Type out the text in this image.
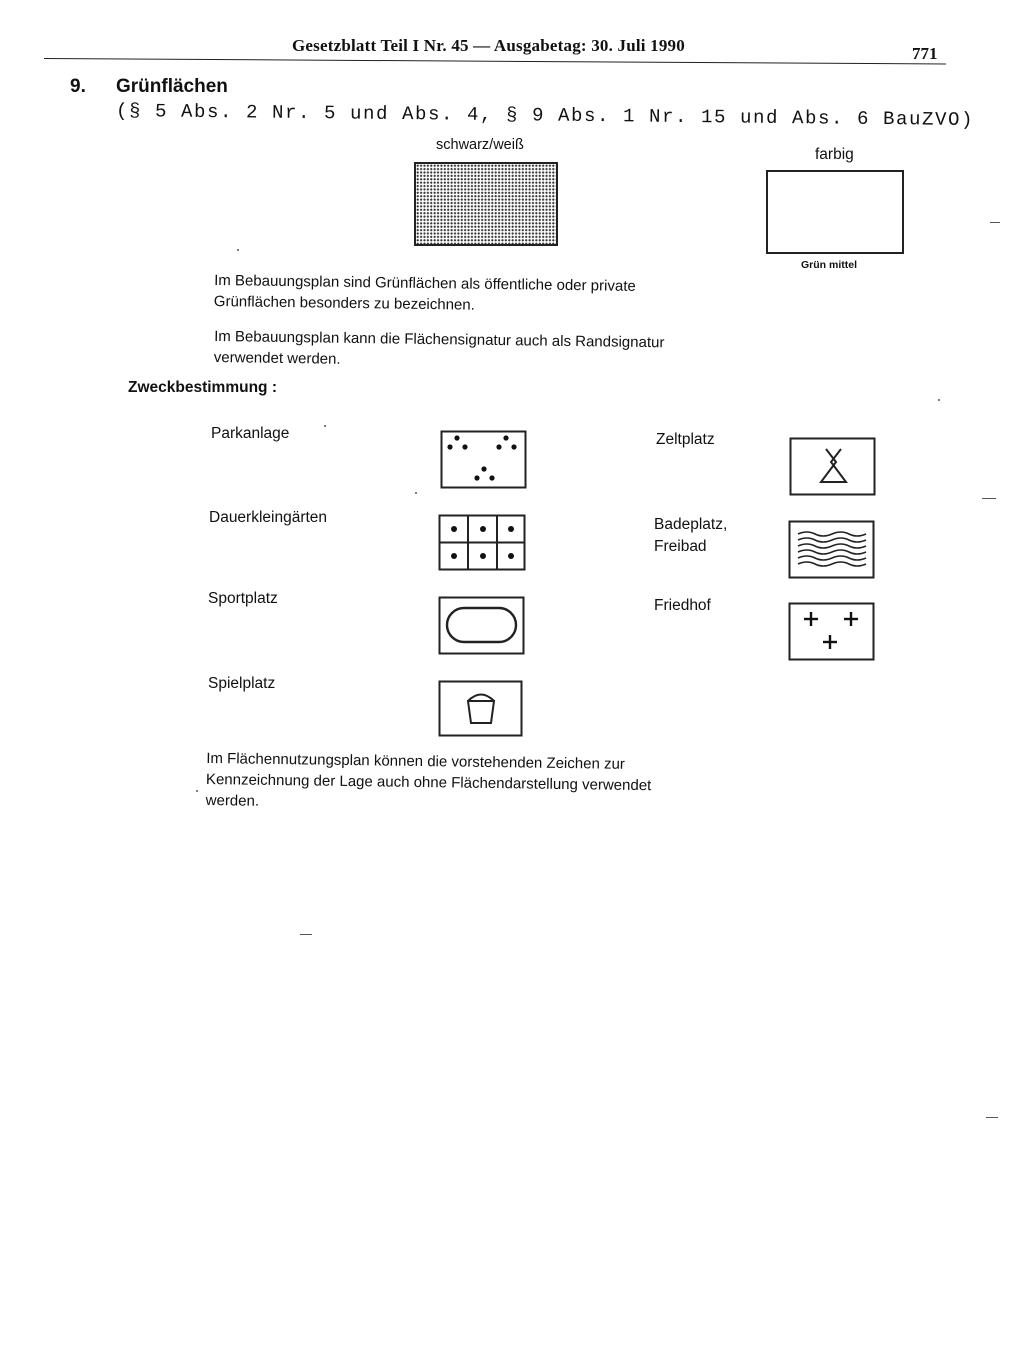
Gesetzblatt Teil I Nr. 45 — Ausgabetag: 30. Juli 1990	771
9. Grünflächen
(§ 5 Abs. 2 Nr. 5 und Abs. 4, § 9 Abs. 1 Nr. 15 und Abs. 6 BauZVO)
schwarz/weiß
farbig
Grün mittel
Im Bebauungsplan sind Grünflächen als öffentliche oder private Grünflächen besonders zu bezeichnen.
Im Bebauungsplan kann die Flächensignatur auch als Randsignatur verwendet werden.
Zweckbestimmung :
Parkanlage
Dauerkleingärten
Sportplatz
Spielplatz
Zeltplatz
Badeplatz,
Freibad
Friedhof
Im Flächennutzungsplan können die vorstehenden Zeichen zur Kennzeichnung der Lage auch ohne Flächendarstellung verwendet werden.
